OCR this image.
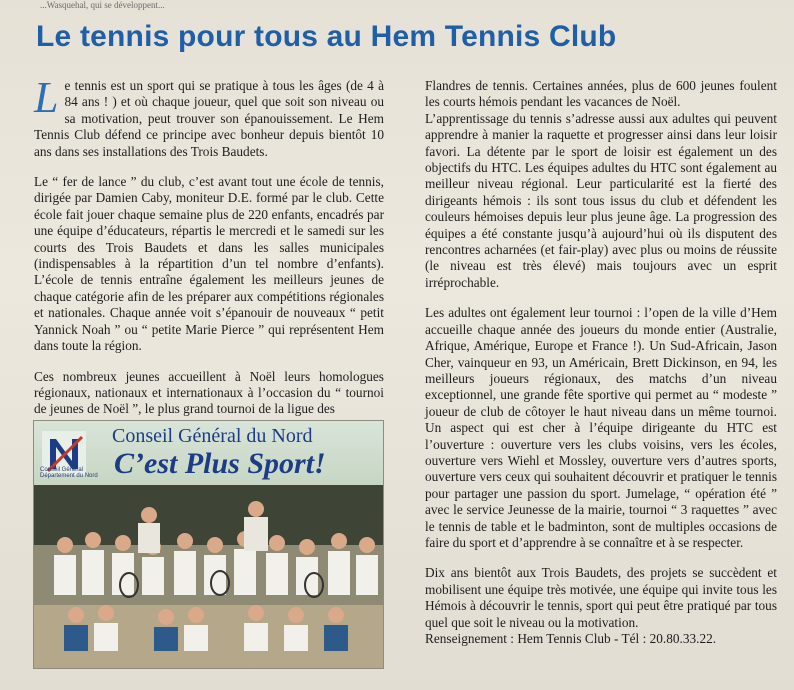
...Wasquehal, qui se développent...
Le tennis pour tous au Hem Tennis Club

Le tennis est un sport qui se pratique à tous les âges (de 4 à 84 ans ! ) et où chaque joueur, quel que soit son niveau ou sa motivation, peut trouver son épanouissement. Le Hem Tennis Club défend ce principe avec bonheur depuis bientôt 10 ans dans ses installations des Trois Baudets.

Le “ fer de lance ” du club, c’est avant tout une école de tennis, dirigée par Damien Caby, moniteur D.E. formé par le club. Cette école fait jouer chaque semaine plus de 220 enfants, encadrés par une équipe d’éducateurs, répartis le mercredi et le samedi sur les courts des Trois Baudets et dans les salles municipales (indispensables à la répartition d’un tel nombre d’enfants). L’école de tennis entraîne également les meilleurs jeunes de chaque catégorie afin de les préparer aux compétitions régionales et nationales. Chaque année voit s’épanouir de nouveaux “ petit Yannick Noah ” ou “ petite Marie Pierce ” qui représentent Hem dans toute la région.

Ces nombreux jeunes accueillent à Noël leurs homologues régionaux, nationaux et internationaux à l’occasion du “ tournoi de jeunes de Noël ”, le plus grand tournoi de la ligue des

Conseil Général Département du Nord
Conseil Général du Nord
C’est Plus Sport!

Flandres de tennis. Certaines années, plus de 600 jeunes foulent les courts hémois pendant les vacances de Noël.

L’apprentissage du tennis s’adresse aussi aux adultes qui peuvent apprendre à manier la raquette et progresser ainsi dans leur loisir favori. La détente par le sport de loisir est également un des objectifs du HTC. Les équipes adultes du HTC sont également au meilleur niveau régional. Leur particularité est la fierté des dirigeants hémois : ils sont tous issus du club et défendent les couleurs hémoises depuis leur plus jeune âge. La progression des équipes a été constante jusqu’à aujourd’hui où ils disputent des rencontres acharnées (et fair-play) avec plus ou moins de réussite (le niveau est très élevé) mais toujours avec un esprit irréprochable.

Les adultes ont également leur tournoi : l’open de la ville d’Hem accueille chaque année des joueurs du monde entier (Australie, Afrique, Amérique, Europe et France !). Un Sud-Africain, Jason Cher, vainqueur en 93, un Américain, Brett Dickinson, en 94, les meilleurs joueurs régionaux, des matchs d’un niveau exceptionnel, une grande fête sportive qui permet au “ modeste ” joueur de club de côtoyer le haut niveau dans un même tournoi. Un aspect qui est cher à l’équipe dirigeante du HTC est l’ouverture : ouverture vers les clubs voisins, vers les écoles, ouverture vers Wiehl et Mossley, ouverture vers d’autres sports, ouverture vers ceux qui souhaitent découvrir et pratiquer le tennis pour partager une passion du sport. Jumelage, “ opération été ” avec le service Jeunesse de la mairie, tournoi “ 3 raquettes ” avec le tennis de table et le badminton, sont de multiples occasions de faire du sport et d’apprendre à se connaître et à se respecter.

Dix ans bientôt aux Trois Baudets, des projets se succèdent et mobilisent une équipe très motivée, une équipe qui invite tous les Hémois à découvrir le tennis, sport qui peut être pratiqué par tous quel que soit le niveau ou la motivation.

Renseignement : Hem Tennis Club - Tél : 20.80.33.22.
